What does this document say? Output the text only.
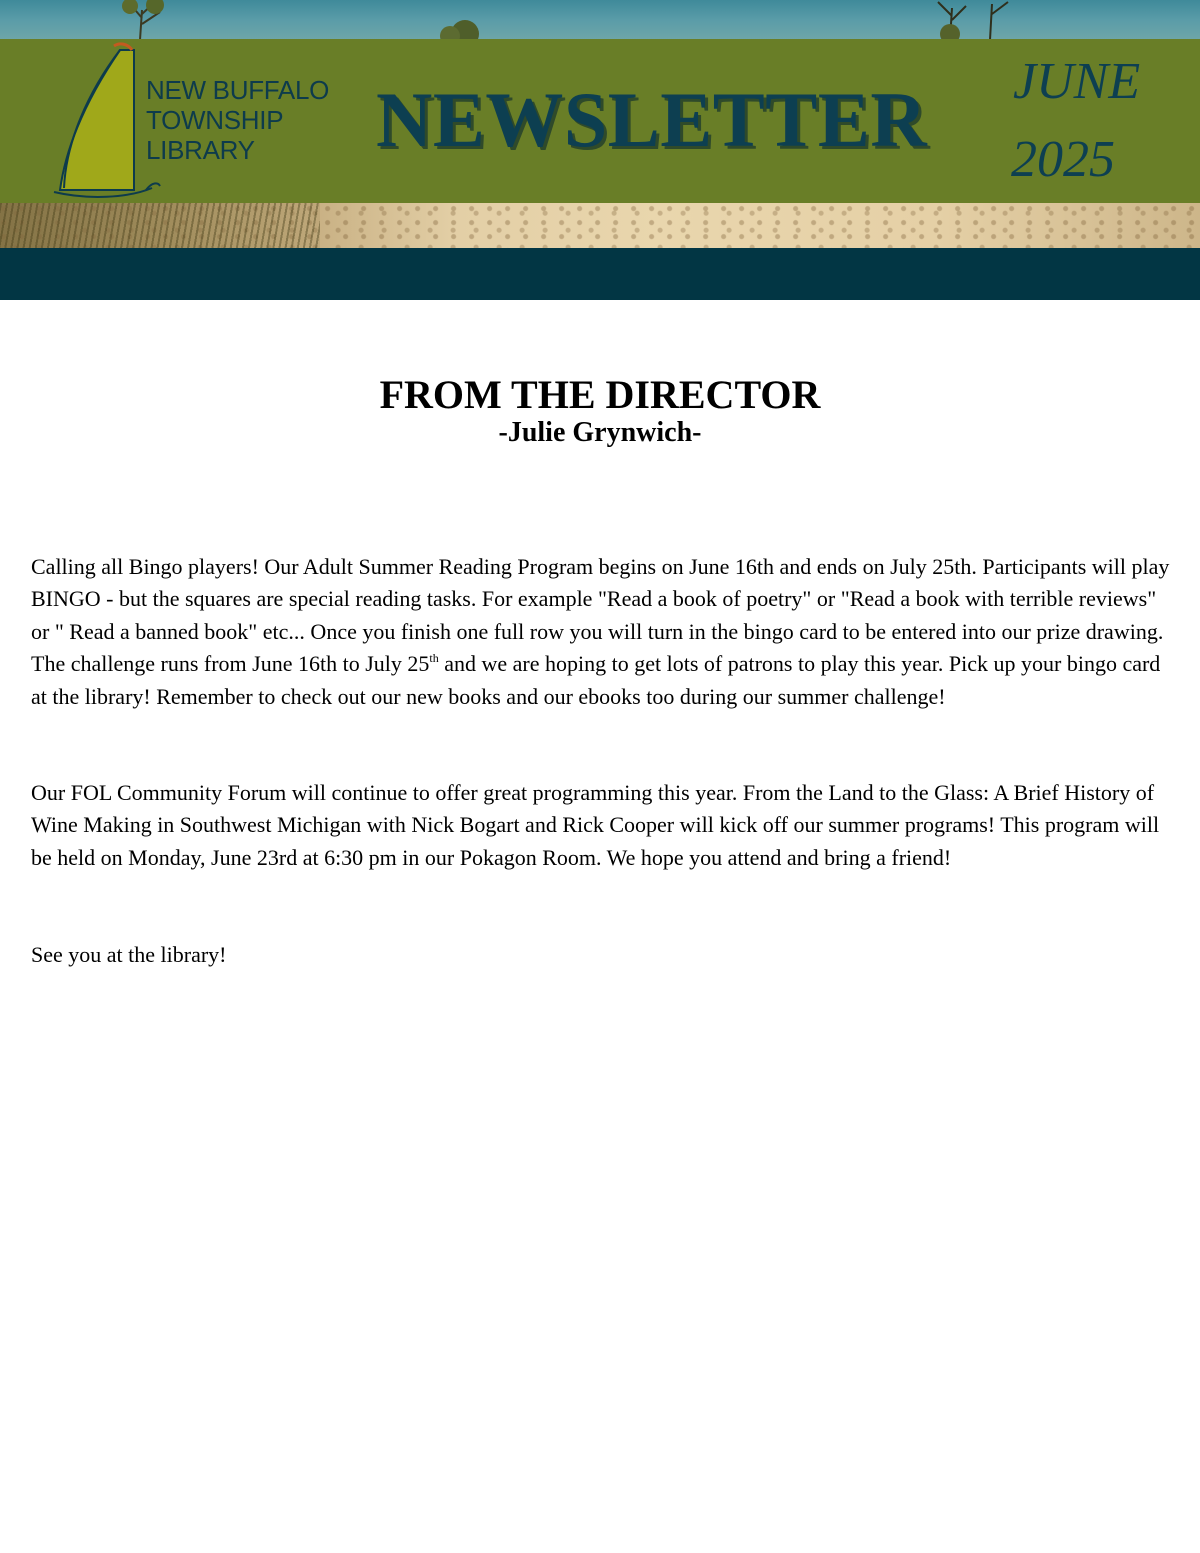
NEW BUFFALO
TOWNSHIP
LIBRARY	NEWSLETTER JUNE
2025
FROM THE DIRECTOR
-Julie Grynwich-

Calling all Bingo players! Our Adult Summer Reading Program begins on June 16th and ends on July 25th. Participants will play BINGO - but the squares are special reading tasks. For example "Read a book of poetry" or "Read a book with terrible reviews" or " Read a banned book" etc... Once you finish one full row you will turn in the bingo card to be entered into our prize drawing. The challenge runs from June 16th to July 25th and we are hoping to get lots of patrons to play this year. Pick up your bingo card at the library! Remember to check out our new books and our ebooks too during our summer challenge!

Our FOL Community Forum will continue to offer great programming this year. From the Land to the Glass: A Brief History of Wine Making in Southwest Michigan with Nick Bogart and Rick Cooper will kick off our summer programs! This program will be held on Monday, June 23rd at 6:30 pm in our Pokagon Room. We hope you attend and bring a friend!

See you at the library!
